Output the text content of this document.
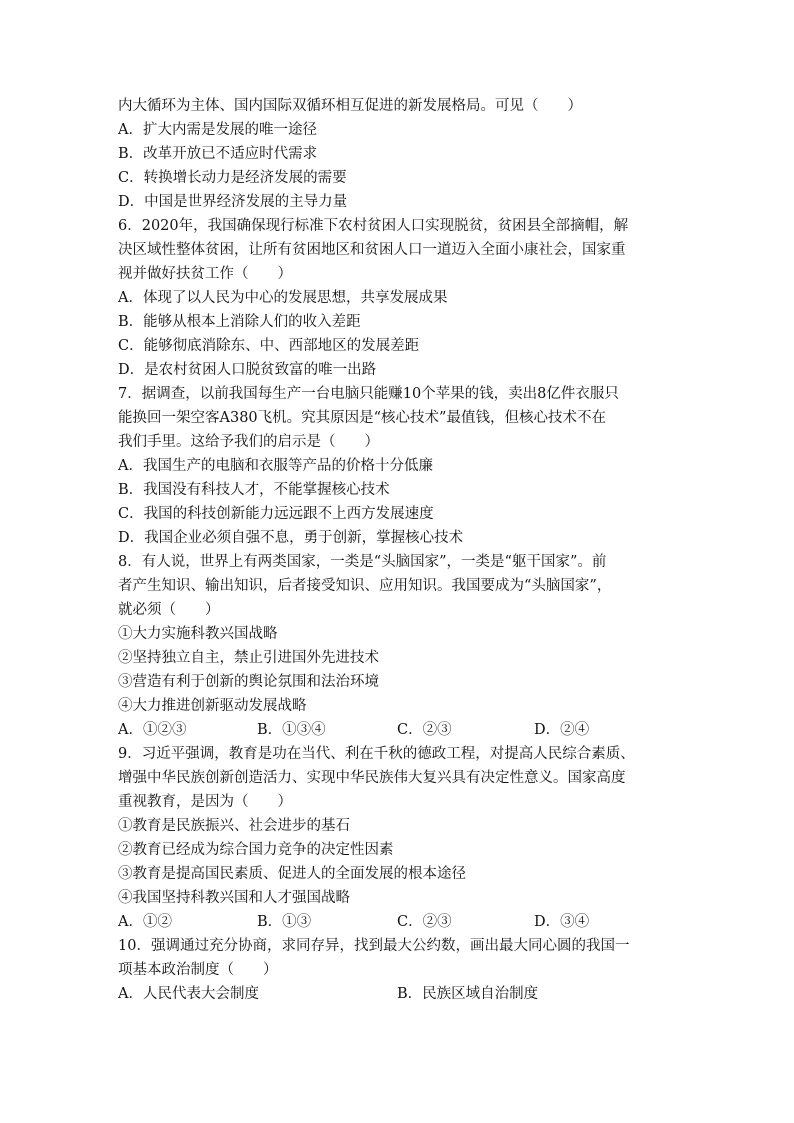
内大循环为主体、国内国际双循环相互促进的新发展格局。可见（　　）
A．扩大内需是发展的唯一途径
B．改革开放已不适应时代需求
C．转换增长动力是经济发展的需要
D．中国是世界经济发展的主导力量
6．2020年，我国确保现行标准下农村贫困人口实现脱贫，贫困县全部摘帽，解
决区域性整体贫困，让所有贫困地区和贫困人口一道迈入全面小康社会，国家重
视并做好扶贫工作（　　）
A．体现了以人民为中心的发展思想，共享发展成果
B．能够从根本上消除人们的收入差距
C．能够彻底消除东、中、西部地区的发展差距
D．是农村贫困人口脱贫致富的唯一出路
7．据调查，以前我国每生产一台电脑只能赚10个苹果的钱，卖出8亿件衣服只
能换回一架空客A380飞机。究其原因是“核心技术”最值钱，但核心技术不在
我们手里。这给予我们的启示是（　　）
A．我国生产的电脑和衣服等产品的价格十分低廉
B．我国没有科技人才，不能掌握核心技术
C．我国的科技创新能力远远跟不上西方发展速度
D．我国企业必须自强不息，勇于创新，掌握核心技术
8．有人说，世界上有两类国家，一类是“头脑国家”，一类是“躯干国家”。前
者产生知识、输出知识，后者接受知识、应用知识。我国要成为“头脑国家”，
就必须（　　）
①大力实施科教兴国战略
②坚持独立自主，禁止引进国外先进技术
③营造有利于创新的舆论氛围和法治环境
④大力推进创新驱动发展战略
A．①②③	B．①③④	C．②③	D．②④
9．习近平强调，教育是功在当代、利在千秋的德政工程，对提高人民综合素质、
增强中华民族创新创造活力、实现中华民族伟大复兴具有决定性意义。国家高度
重视教育，是因为（　　）
①教育是民族振兴、社会进步的基石
②教育已经成为综合国力竞争的决定性因素
③教育是提高国民素质、促进人的全面发展的根本途径
④我国坚持科教兴国和人才强国战略
A．①②	B．①③	C．②③	D．③④
10．强调通过充分协商，求同存异，找到最大公约数，画出最大同心圆的我国一
项基本政治制度（　　）
A．人民代表大会制度	B．民族区域自治制度
